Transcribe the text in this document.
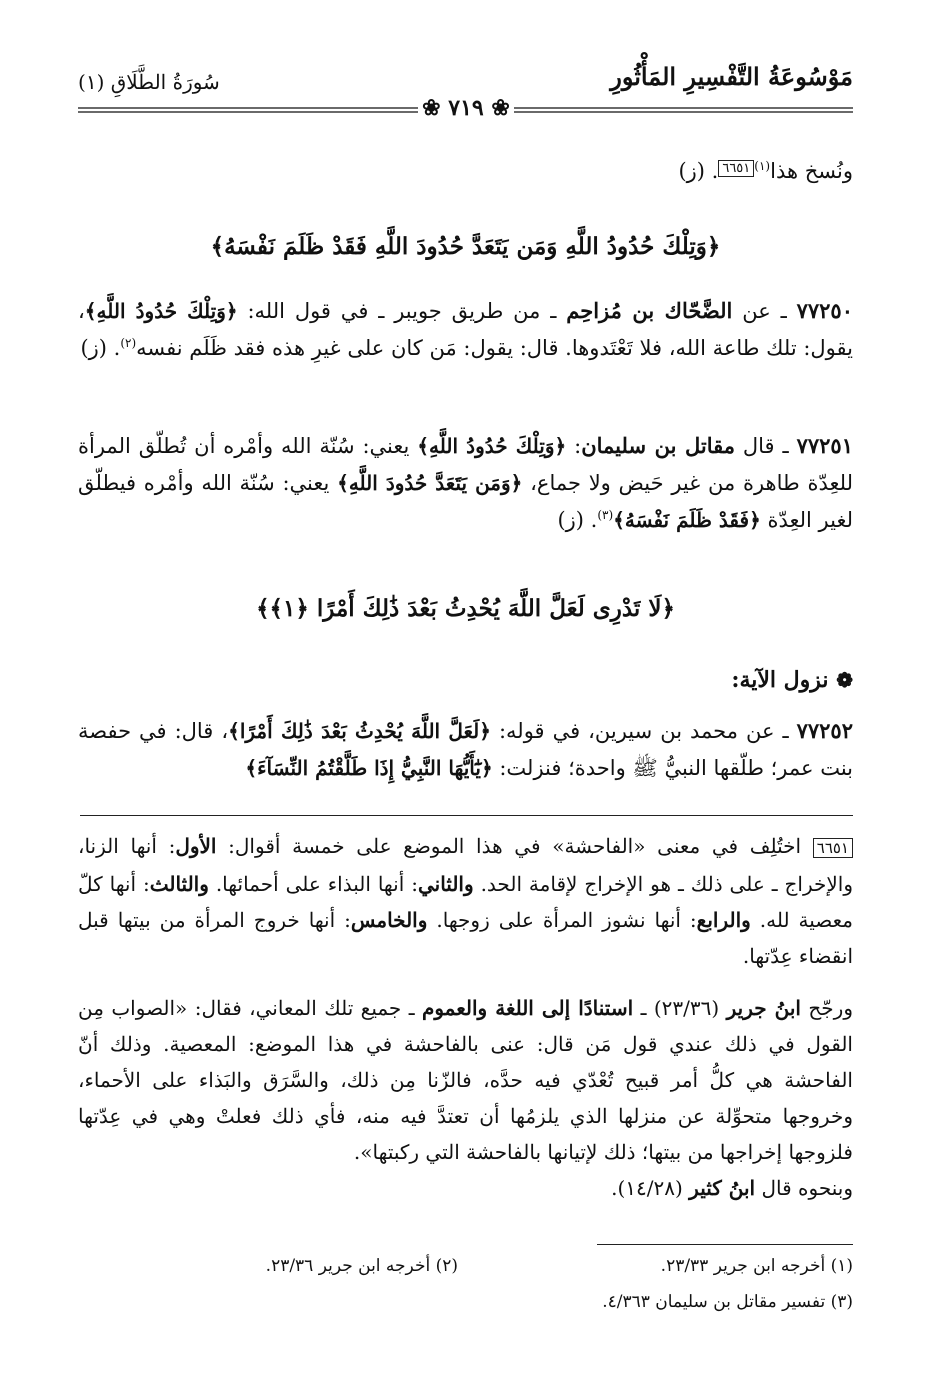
مَوْسُوعَةُ التَّفْسِيرِ المَأْثُورِ
سُورَةُ الطَّلَاقِ (١)
❀ ٧١٩ ❀
ونُسخ هذا$^{(١)٦٦٥١}$. (ز)
﴿وَتِلْكَ حُدُودُ اللَّهِ وَمَن يَتَعَدَّ حُدُودَ اللَّهِ فَقَدْ ظَلَمَ نَفْسَهُ﴾
٧٧٢٥٠ ـ عن الضَّحّاك بن مُزاحِم ـ من طريق جويبر ـ في قول الله: ﴿وَتِلْكَ حُدُودُ اللَّهِ﴾، يقول: تلك طاعة الله، فلا تَعْتَدوها. قال: يقول: مَن كان على غيرِ هذه فقد ظَلَم نفسه$^{(٢)}$. (ز)
٧٧٢٥١ ـ قال مقاتل بن سليمان: ﴿وَتِلْكَ حُدُودُ اللَّهِ﴾ يعني: سُنّة الله وأمْره أن تُطلّق المرأة للعِدّة طاهرة من غير حَيض ولا جماع، ﴿وَمَن يَتَعَدَّ حُدُودَ اللَّهِ﴾ يعني: سُنّة الله وأمْره فيطلّق لغير العِدّة ﴿فَقَدْ ظَلَمَ نَفْسَهُ﴾$^{(٣)}$. (ز)
﴿لَا تَدْرِى لَعَلَّ اللَّهَ يُحْدِثُ بَعْدَ ذَٰلِكَ أَمْرًا ﴿١﴾﴾
❁ نزول الآية:
٧٧٢٥٢ ـ عن محمد بن سيرين، في قوله: ﴿لَعَلَّ اللَّهَ يُحْدِثُ بَعْدَ ذَٰلِكَ أَمْرًا﴾، قال: في حفصة بنت عمر؛ طلّقها النبيُّ ﷺ واحدة؛ فنزلت: ﴿يَٰٓأَيُّهَا النَّبِيُّ إِذَا طَلَّقْتُمُ النِّسَآءَ﴾
٦٦٥١ اختُلِف في معنى «الفاحشة» في هذا الموضع على خمسة أقوال: الأول: أنها الزنا، والإخراج ـ على ذلك ـ هو الإخراج لإقامة الحد. والثاني: أنها البذاء على أحمائها. والثالث: أنها كلّ معصية لله. والرابع: أنها نشوز المرأة على زوجها. والخامس: أنها خروج المرأة من بيتها قبل انقضاء عِدّتها.
ورجّح ابنُ جرير (٢٣/٣٦) ـ استنادًا إلى اللغة والعموم ـ جميع تلك المعاني، فقال: «الصواب مِن القول في ذلك عندي قول مَن قال: عنى بالفاحشة في هذا الموضع: المعصية. وذلك أنّ الفاحشة هي كلُّ أمر قبيح تُعْدّي فيه حدَّه، فالزّنا مِن ذلك، والسَّرَق والبَذاء على الأحماء، وخروجها متحوِّلة عن منزلها الذي يلزمُها أن تعتدَّ فيه منه، فأي ذلك فعلتْ وهي في عِدّتها فلزوجها إخراجها من بيتها؛ ذلك لإتيانها بالفاحشة التي ركبتها».
وبنحوه قال ابنُ كثير (١٤/٢٨).
(١) أخرجه ابن جرير ٢٣/٣٣.
(٢) أخرجه ابن جرير ٢٣/٣٦.
(٣) تفسير مقاتل بن سليمان ٤/٣٦٣.
